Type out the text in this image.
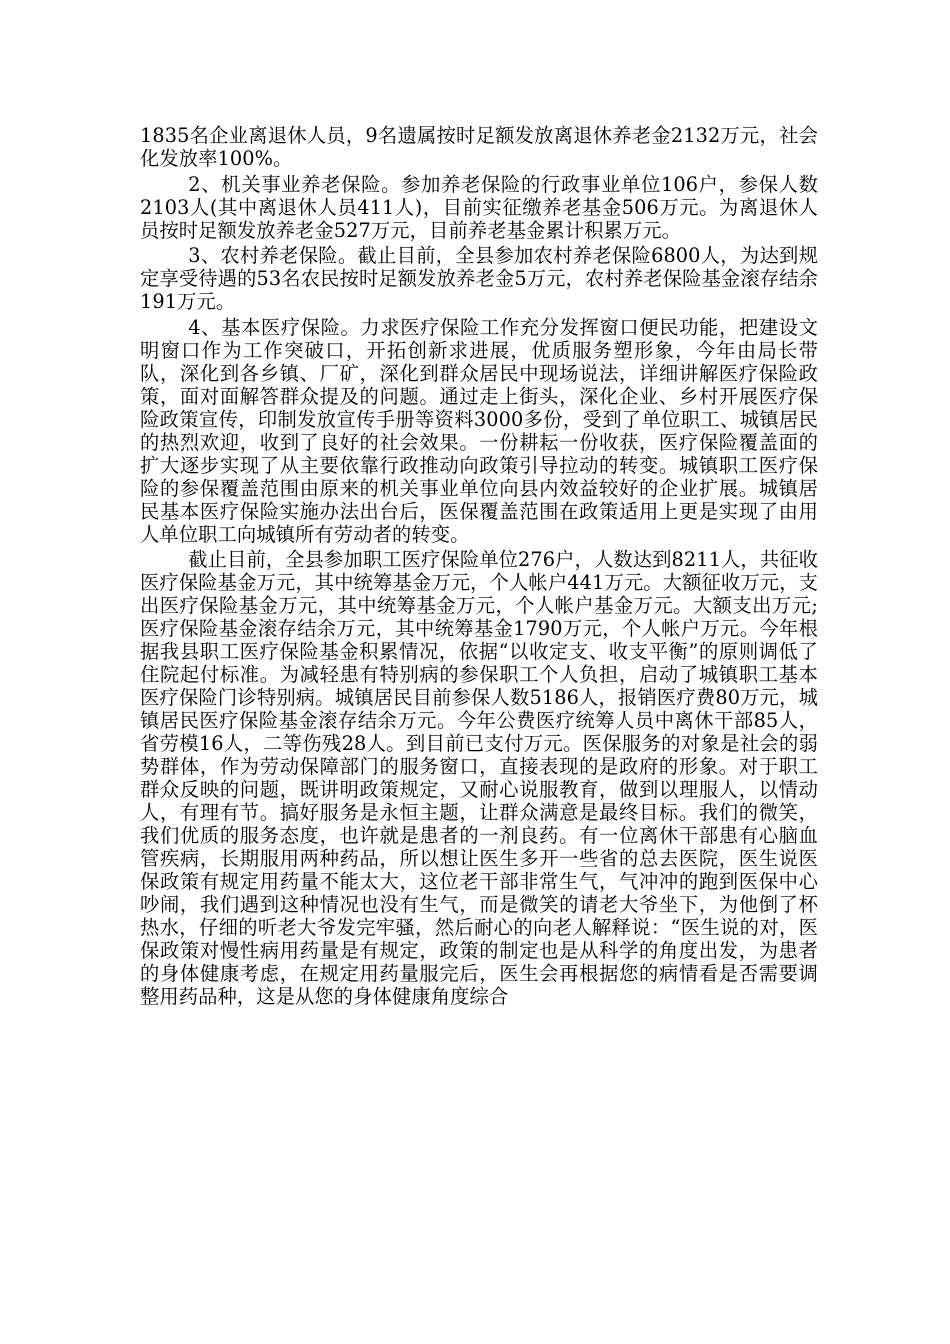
1835名企业离退休人员，9名遗属按时足额发放离退休养老金2132万元，社会化发放率100%。

2、机关事业养老保险。参加养老保险的行政事业单位106户，参保人数2103人(其中离退休人员411人)，目前实征缴养老基金506万元。为离退休人员按时足额发放养老金527万元，目前养老基金累计积累万元。

3、农村养老保险。截止目前，全县参加农村养老保险6800人，为达到规定享受待遇的53名农民按时足额发放养老金5万元，农村养老保险基金滚存结余191万元。

4、基本医疗保险。力求医疗保险工作充分发挥窗口便民功能，把建设文明窗口作为工作突破口，开拓创新求进展，优质服务塑形象，今年由局长带队，深化到各乡镇、厂矿，深化到群众居民中现场说法，详细讲解医疗保险政策，面对面解答群众提及的问题。通过走上街头，深化企业、乡村开展医疗保险政策宣传，印制发放宣传手册等资料3000多份，受到了单位职工、城镇居民的热烈欢迎，收到了良好的社会效果。一份耕耘一份收获，医疗保险覆盖面的扩大逐步实现了从主要依靠行政推动向政策引导拉动的转变。城镇职工医疗保险的参保覆盖范围由原来的机关事业单位向县内效益较好的企业扩展。城镇居民基本医疗保险实施办法出台后，医保覆盖范围在政策适用上更是实现了由用人单位职工向城镇所有劳动者的转变。

截止目前，全县参加职工医疗保险单位276户，人数达到8211人，共征收医疗保险基金万元，其中统筹基金万元，个人帐户441万元。大额征收万元，支出医疗保险基金万元，其中统筹基金万元，个人帐户基金万元。大额支出万元;医疗保险基金滚存结余万元，其中统筹基金1790万元，个人帐户万元。今年根据我县职工医疗保险基金积累情况，依据“以收定支、收支平衡”的原则调低了住院起付标准。为减轻患有特别病的参保职工个人负担，启动了城镇职工基本医疗保险门诊特别病。城镇居民目前参保人数5186人，报销医疗费80万元，城镇居民医疗保险基金滚存结余万元。今年公费医疗统筹人员中离休干部85人，省劳模16人，二等伤残28人。到目前已支付万元。医保服务的对象是社会的弱势群体，作为劳动保障部门的服务窗口，直接表现的是政府的形象。对于职工群众反映的问题，既讲明政策规定，又耐心说服教育，做到以理服人，以情动人，有理有节。搞好服务是永恒主题，让群众满意是最终目标。我们的微笑，我们优质的服务态度，也许就是患者的一剂良药。有一位离休干部患有心脑血管疾病，长期服用两种药品，所以想让医生多开一些省的总去医院，医生说医保政策有规定用药量不能太大，这位老干部非常生气，气冲冲的跑到医保中心吵闹，我们遇到这种情况也没有生气，而是微笑的请老大爷坐下，为他倒了杯热水，仔细的听老大爷发完牢骚，然后耐心的向老人解释说：“医生说的对，医保政策对慢性病用药量是有规定，政策的制定也是从科学的角度出发，为患者的身体健康考虑，在规定用药量服完后，医生会再根据您的病情看是否需要调整用药品种，这是从您的身体健康角度综合
